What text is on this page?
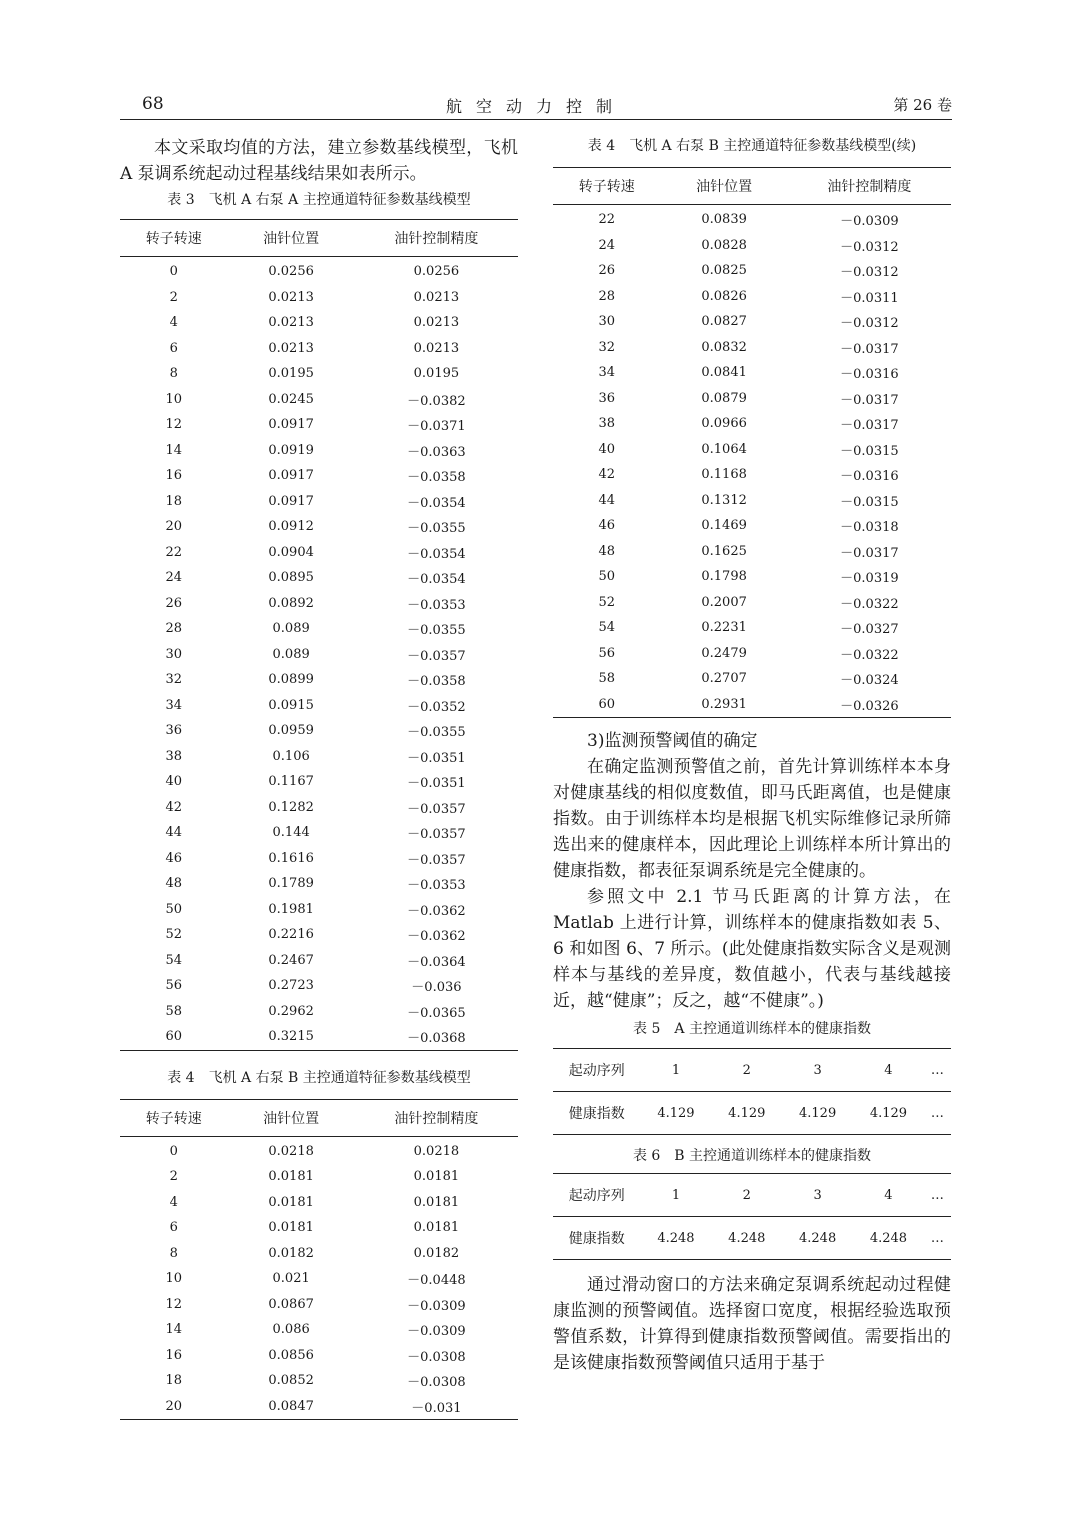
68	航空动力控制	第 26 卷

本文采取均值的方法，建立参数基线模型，飞机 A 泵调系统起动过程基线结果如表所示。

表 3　飞机 A 右泵 A 主控通道特征参数基线模型
转子转速	油针位置	油针控制精度
0	0.0256	0.0256
2	0.0213	0.0213
4	0.0213	0.0213
6	0.0213	0.0213
8	0.0195	0.0195
10	0.0245	－0.0382
12	0.0917	－0.0371
14	0.0919	－0.0363
16	0.0917	－0.0358
18	0.0917	－0.0354
20	0.0912	－0.0355
22	0.0904	－0.0354
24	0.0895	－0.0354
26	0.0892	－0.0353
28	0.089	－0.0355
30	0.089	－0.0357
32	0.0899	－0.0358
34	0.0915	－0.0352
36	0.0959	－0.0355
38	0.106	－0.0351
40	0.1167	－0.0351
42	0.1282	－0.0357
44	0.144	－0.0357
46	0.1616	－0.0357
48	0.1789	－0.0353
50	0.1981	－0.0362
52	0.2216	－0.0362
54	0.2467	－0.0364
56	0.2723	－0.036
58	0.2962	－0.0365
60	0.3215	－0.0368
表 4　飞机 A 右泵 B 主控通道特征参数基线模型
转子转速	油针位置	油针控制精度
0	0.0218	0.0218
2	0.0181	0.0181
4	0.0181	0.0181
6	0.0181	0.0181
8	0.0182	0.0182
10	0.021	－0.0448
12	0.0867	－0.0309
14	0.086	－0.0309
16	0.0856	－0.0308
18	0.0852	－0.0308
20	0.0847	－0.031
表 4　飞机 A 右泵 B 主控通道特征参数基线模型(续)
转子转速	油针位置	油针控制精度
22	0.0839	－0.0309
24	0.0828	－0.0312
26	0.0825	－0.0312
28	0.0826	－0.0311
30	0.0827	－0.0312
32	0.0832	－0.0317
34	0.0841	－0.0316
36	0.0879	－0.0317
38	0.0966	－0.0317
40	0.1064	－0.0315
42	0.1168	－0.0316
44	0.1312	－0.0315
46	0.1469	－0.0318
48	0.1625	－0.0317
50	0.1798	－0.0319
52	0.2007	－0.0322
54	0.2231	－0.0327
56	0.2479	－0.0322
58	0.2707	－0.0324
60	0.2931	－0.0326

3)监测预警阈值的确定

在确定监测预警值之前，首先计算训练样本本身对健康基线的相似度数值，即马氏距离值，也是健康指数。由于训练样本均是根据飞机实际维修记录所筛选出来的健康样本，因此理论上训练样本所计算出的健康指数，都表征泵调系统是完全健康的。

参照文中 2.1 节马氏距离的计算方法，在 Matlab 上进行计算，训练样本的健康指数如表 5、6 和如图 6、7 所示。(此处健康指数实际含义是观测样本与基线的差异度，数值越小，代表与基线越接近，越“健康”；反之，越“不健康”。)

表 5　A 主控通道训练样本的健康指数
起动序列	1	2	3	4	…
健康指数	4.129	4.129	4.129	4.129	…
表 6　B 主控通道训练样本的健康指数
起动序列	1	2	3	4	…
健康指数	4.248	4.248	4.248	4.248	…

通过滑动窗口的方法来确定泵调系统起动过程健康监测的预警阈值。选择窗口宽度，根据经验选取预警值系数，计算得到健康指数预警阈值。需要指出的是该健康指数预警阈值只适用于基于
